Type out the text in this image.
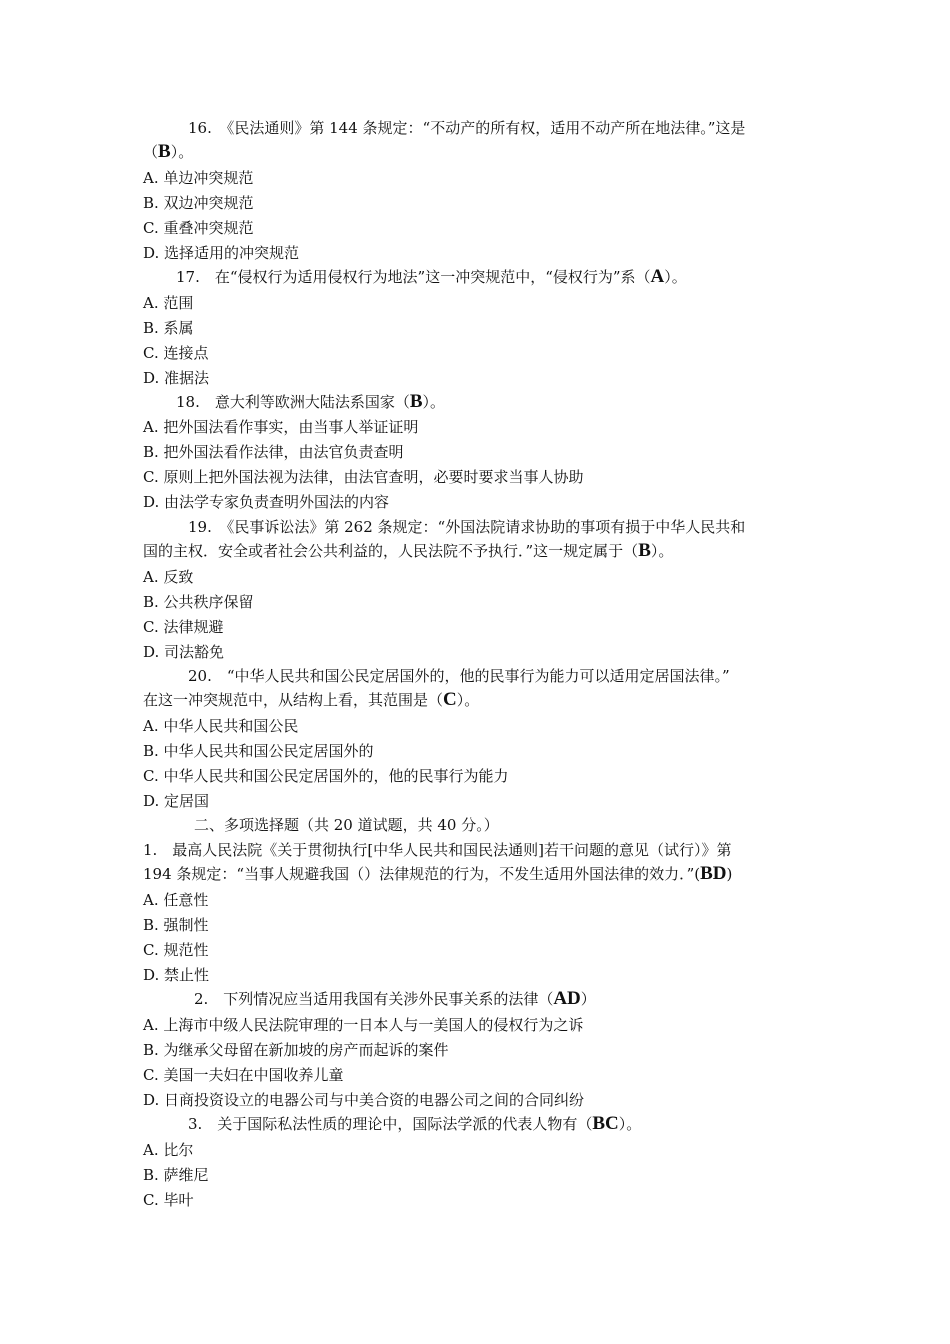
16.　《民法通则》第 144 条规定：“不动产的所有权，适用不动产所在地法律。”这是
（B）。
A. 单边冲突规范
B. 双边冲突规范
C. 重叠冲突规范
D. 选择适用的冲突规范
17.　在“侵权行为适用侵权行为地法”这一冲突规范中，“侵权行为”系（A）。
A. 范围
B. 系属
C. 连接点
D. 准据法
18.　意大利等欧洲大陆法系国家（B）。
A. 把外国法看作事实，由当事人举证证明
B. 把外国法看作法律，由法官负责查明
C. 原则上把外国法视为法律，由法官查明，必要时要求当事人协助
D. 由法学专家负责查明外国法的内容
19.　《民事诉讼法》第 262 条规定：“外国法院请求协助的事项有损于中华人民共和
国的主权．安全或者社会公共利益的，人民法院不予执行．”这一规定属于（B）。
A. 反致
B. 公共秩序保留
C. 法律规避
D. 司法豁免
20.　“中华人民共和国公民定居国外的，他的民事行为能力可以适用定居国法律。”
在这一冲突规范中，从结构上看，其范围是（C）。
A. 中华人民共和国公民
B. 中华人民共和国公民定居国外的
C. 中华人民共和国公民定居国外的，他的民事行为能力
D. 定居国
二、多项选择题（共 20 道试题，共 40 分。）
1.　最高人民法院《关于贯彻执行[中华人民共和国民法通则]若干问题的意见（试行）》第
194 条规定：“当事人规避我国（）法律规范的行为，不发生适用外国法律的效力．”(BD)
A. 任意性
B. 强制性
C. 规范性
D. 禁止性
2.　下列情况应当适用我国有关涉外民事关系的法律（AD）
A. 上海市中级人民法院审理的一日本人与一美国人的侵权行为之诉
B. 为继承父母留在新加坡的房产而起诉的案件
C. 美国一夫妇在中国收养儿童
D. 日商投资设立的电器公司与中美合资的电器公司之间的合同纠纷
3.　关于国际私法性质的理论中，国际法学派的代表人物有（BC）。
A. 比尔
B. 萨维尼
C. 毕叶
